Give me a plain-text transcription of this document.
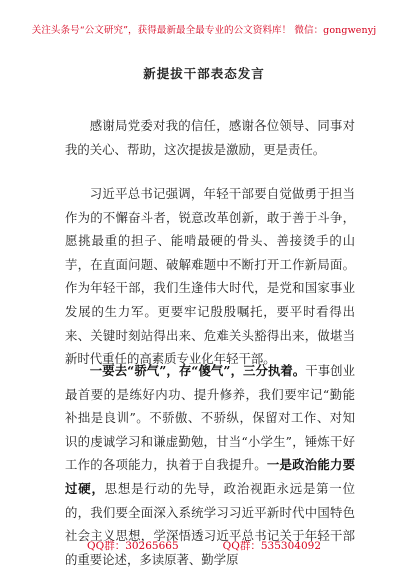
关注头条号“公文研究”，获得最新最全最专业的公文资料库！ 微信：gongwenyj
新提拔干部表态发言

感谢局党委对我的信任，感谢各位领导、同事对我的关心、帮助，这次提拔是激励，更是责任。

习近平总书记强调，年轻干部要自觉做勇于担当作为的不懈奋斗者，锐意改革创新，敢于善于斗争，愿挑最重的担子、能啃最硬的骨头、善接烫手的山芋，在直面问题、破解难题中不断打开工作新局面。作为年轻干部，我们生逢伟大时代，是党和国家事业发展的生力军。更要牢记殷殷嘱托，要平时看得出来、关键时刻站得出来、危难关头豁得出来，做堪当新时代重任的高素质专业化年轻干部。

一要去“骄气”，存“傻气”，三分执着。干事创业最首要的是练好内功、提升修养，我们要牢记“勤能补拙是良训”。不骄傲、不骄纵，保留对工作、对知识的虔诚学习和谦虚勤勉，甘当“小学生”，锤炼干好工作的各项能力，执着于自我提升。一是政治能力要过硬，思想是行动的先导，政治视距永远是第一位的，我们要全面深入系统学习习近平新时代中国特色社会主义思想，学深悟透习近平总书记关于年轻干部的重要论述，多读原著、勤学原

QQ群：30265665	QQ群：535304092
